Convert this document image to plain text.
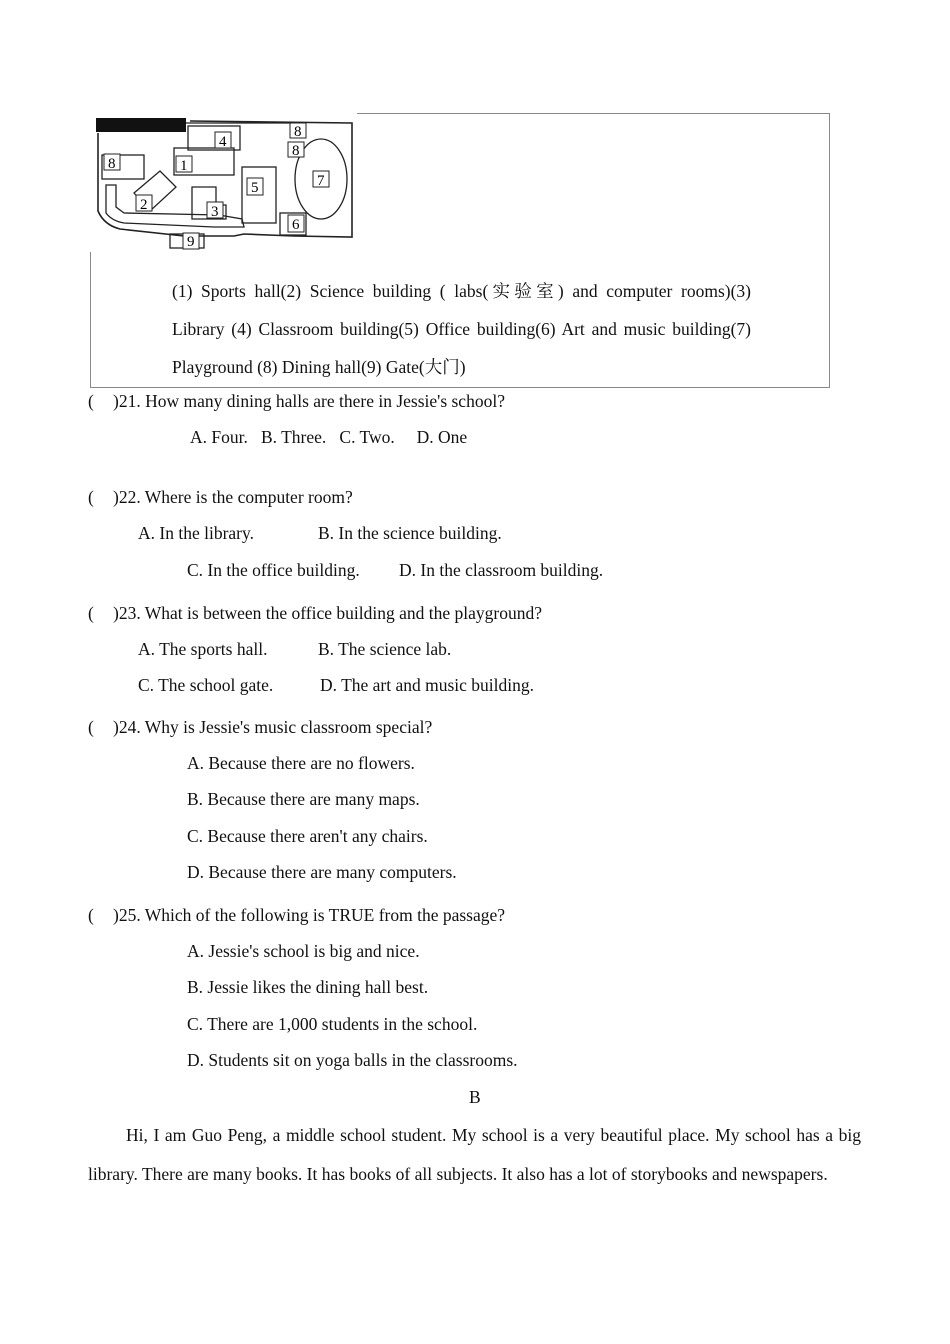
4
8
8
8	1
5	7
2	3
6
9
(1) Sports hall(2) Science building ( labs(实验室) and computer rooms)(3) Library (4) Classroom building(5) Office building(6) Art and music building(7) Playground (8) Dining hall(9) Gate(大门)
( )21. How many dining halls are there in Jessie's school?
A. Four.   B. Three.   C. Two.     D. One
( )22. Where is the computer room?
A. In the library.	B. In the science building.
C. In the office building. D. In the classroom building.
( )23. What is between the office building and the playground?
A. The sports hall.	B. The science lab.
C. The school gate.	D. The art and music building.
( )24. Why is Jessie's music classroom special?
A. Because there are no flowers.
B. Because there are many maps.
C. Because there aren't any chairs.
D. Because there are many computers.
( )25. Which of the following is TRUE from the passage?
A. Jessie's school is big and nice.
B. Jessie likes the dining hall best.
C. There are 1,000 students in the school.
D. Students sit on yoga balls in the classrooms.
B
Hi, I am Guo Peng, a middle school student. My school is a very beautiful place. My school has a big library. There are many books. It has books of all subjects. It also has a lot of storybooks and newspapers.
